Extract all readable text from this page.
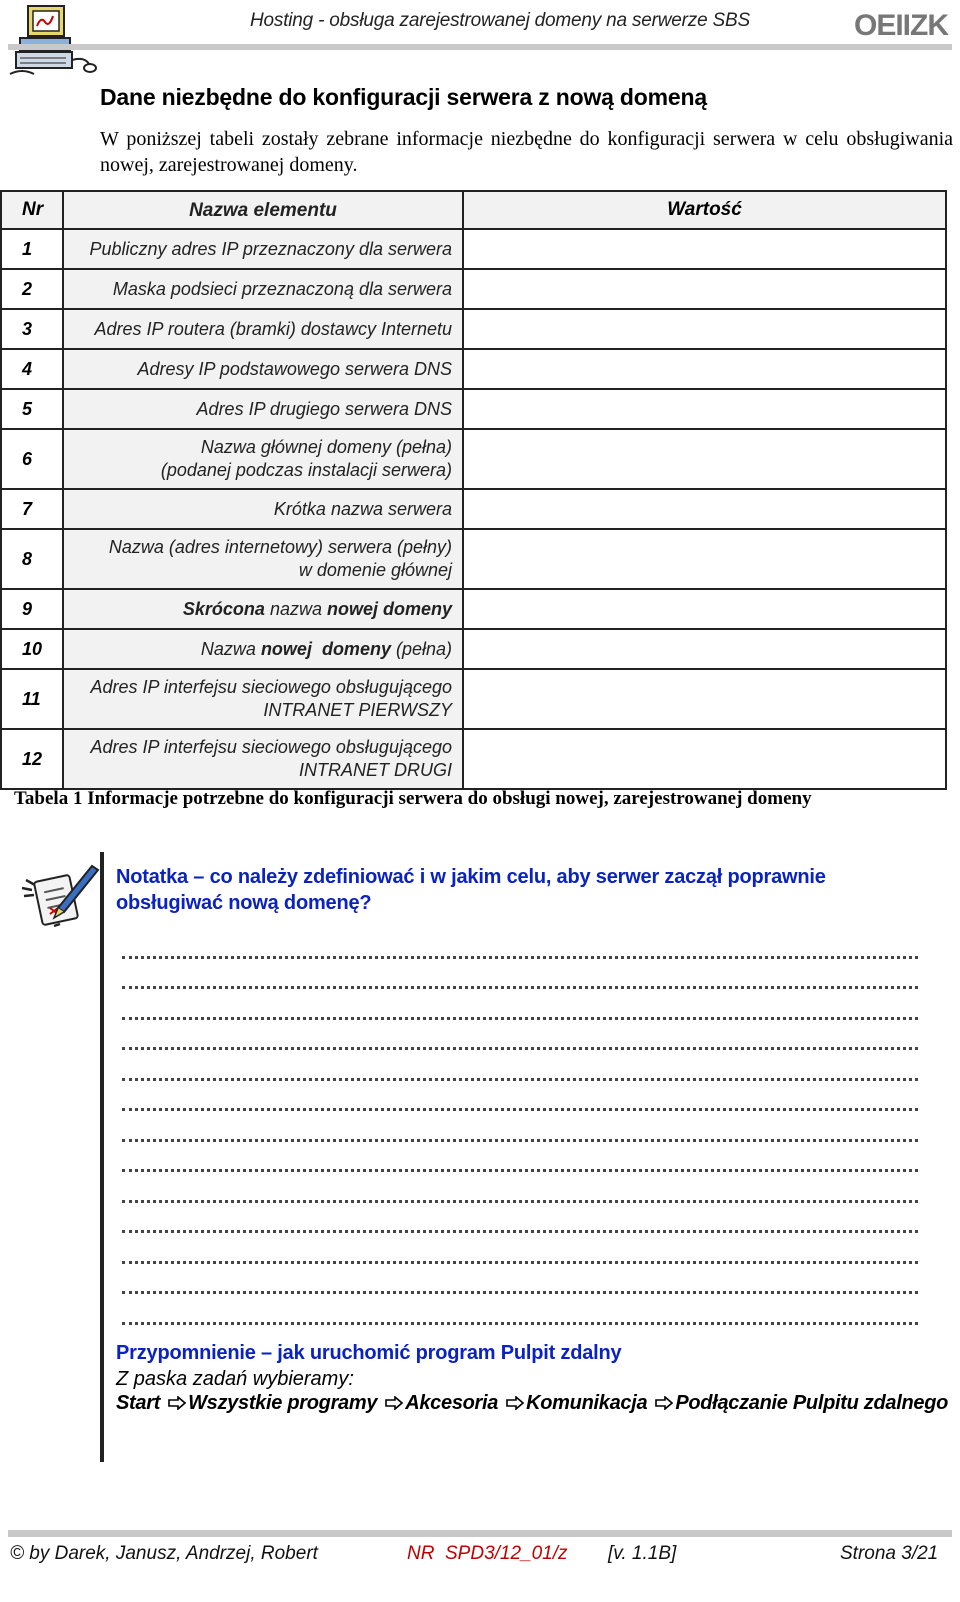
Hosting - obsługa zarejestrowanej domeny na serwerze SBS	OEIIZK
Dane niezbędne do konfiguracji serwera z nową domeną

W poniższej tabeli zostały zebrane informacje niezbędne do konfiguracji serwera w celu obsługiwania nowej, zarejestrowanej domeny.

Nr	Nazwa elementu	Wartość
1	Publiczny adres IP przeznaczony dla serwera	
2	Maska podsieci przeznaczoną dla serwera	
3	Adres IP routera (bramki) dostawcy Internetu	
4	Adresy IP podstawowego serwera DNS	
5	Adres IP drugiego serwera DNS	
6	Nazwa głównej domeny (pełna)
(podanej podczas instalacji serwera)	

7	Krótka nazwa serwera	
8	Nazwa (adres internetowy) serwera (pełny)
w domenie głównej	

9	Skrócona nazwa nowej domeny	
10	Nazwa nowej  domeny (pełna)	
11	Adres IP interfejsu sieciowego obsługującego
INTRANET PIERWSZY	

12	Adres IP interfejsu sieciowego obsługującego
INTRANET DRUGI	

Tabela 1 Informacje potrzebne do konfiguracji serwera do obsługi nowej, zarejestrowanej domeny
Notatka – co należy zdefiniować i w jakim celu, aby serwer zaczął poprawnie obsługiwać nową domenę?
Przypomnienie – jak uruchomić program Pulpit zdalny
Z paska zadań wybieramy:
Start Wszystkie programy Akcesoria Komunikacja Podłączanie Pulpitu zdalnego
© by Darek, Janusz, Andrzej, Robert	NR  SPD3/12_01/z [v. 1.1B]	Strona 3/21
